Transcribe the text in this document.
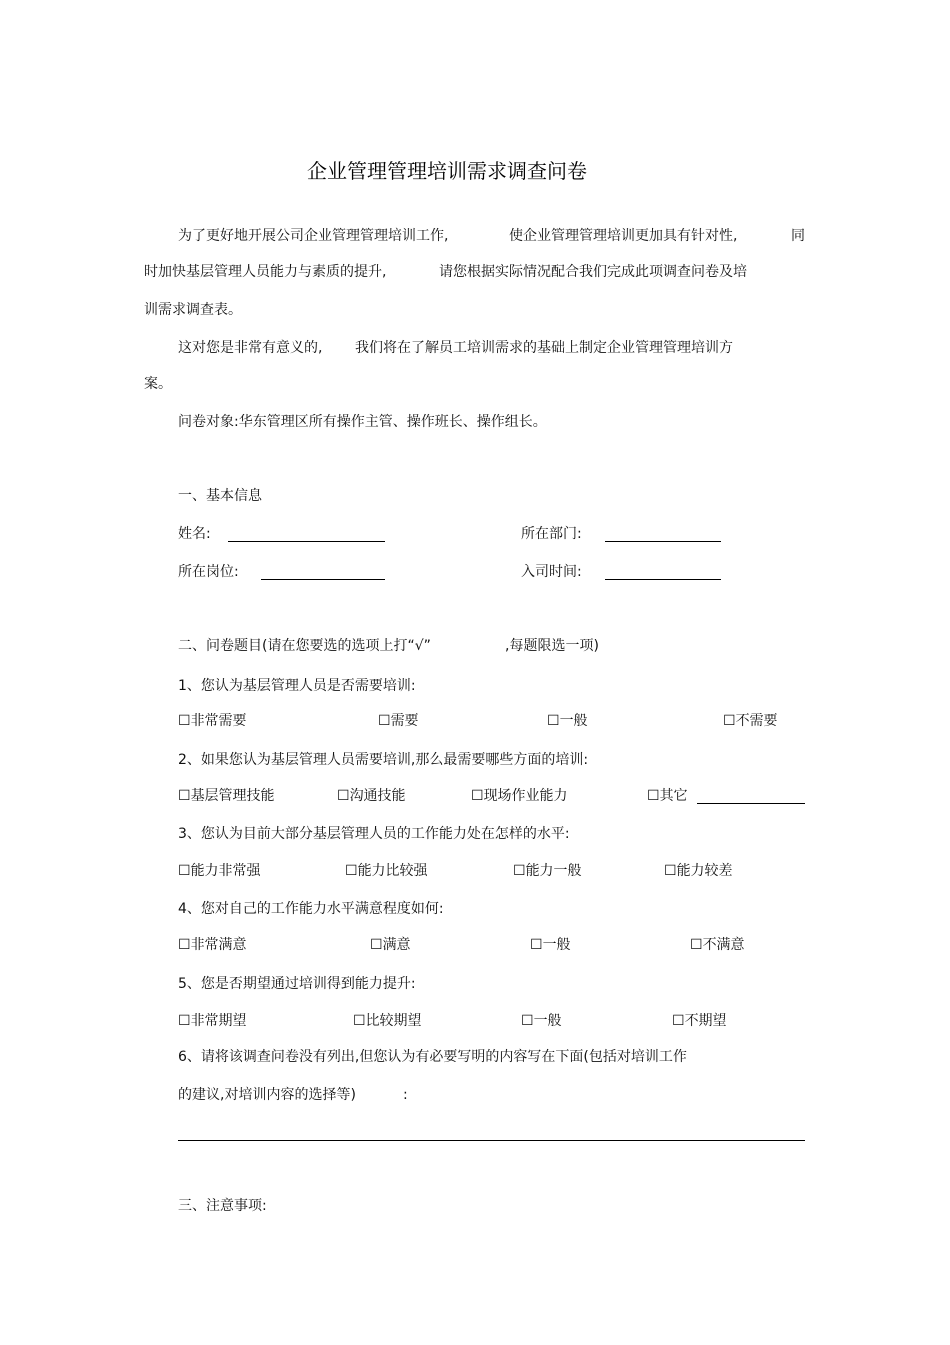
企业管理管理培训需求调查问卷
为了更好地开展公司企业管理管理培训工作,	使企业管理管理培训更加具有针对性,	同
时加快基层管理人员能力与素质的提升,	请您根据实际情况配合我们完成此项调查问卷及培
训需求调查表。
这对您是非常有意义的, 我们将在了解员工培训需求的基础上制定企业管理管理培训方
案。
问卷对象:华东管理区所有操作主管、操作班长、操作组长。
一、基本信息
姓名:	所在部门:
所在岗位:	入司时间:
二、问卷题目(请在您要选的选项上打“√”	,每题限选一项)
1、您认为基层管理人员是否需要培训:
☐非常需要	☐需要	☐一般	☐不需要
2、如果您认为基层管理人员需要培训,那么最需要哪些方面的培训:
☐基层管理技能	☐沟通技能	☐现场作业能力	☐其它
3、您认为目前大部分基层管理人员的工作能力处在怎样的水平:
☐能力非常强	☐能力比较强	☐能力一般	☐能力较差
4、您对自己的工作能力水平满意程度如何:
☐非常满意	☐满意	☐一般	☐不满意
5、您是否期望通过培训得到能力提升:
☐非常期望	☐比较期望	☐一般	☐不期望
6、请将该调查问卷没有列出,但您认为有必要写明的内容写在下面(包括对培训工作
的建议,对培训内容的选择等)	:
三、注意事项:
